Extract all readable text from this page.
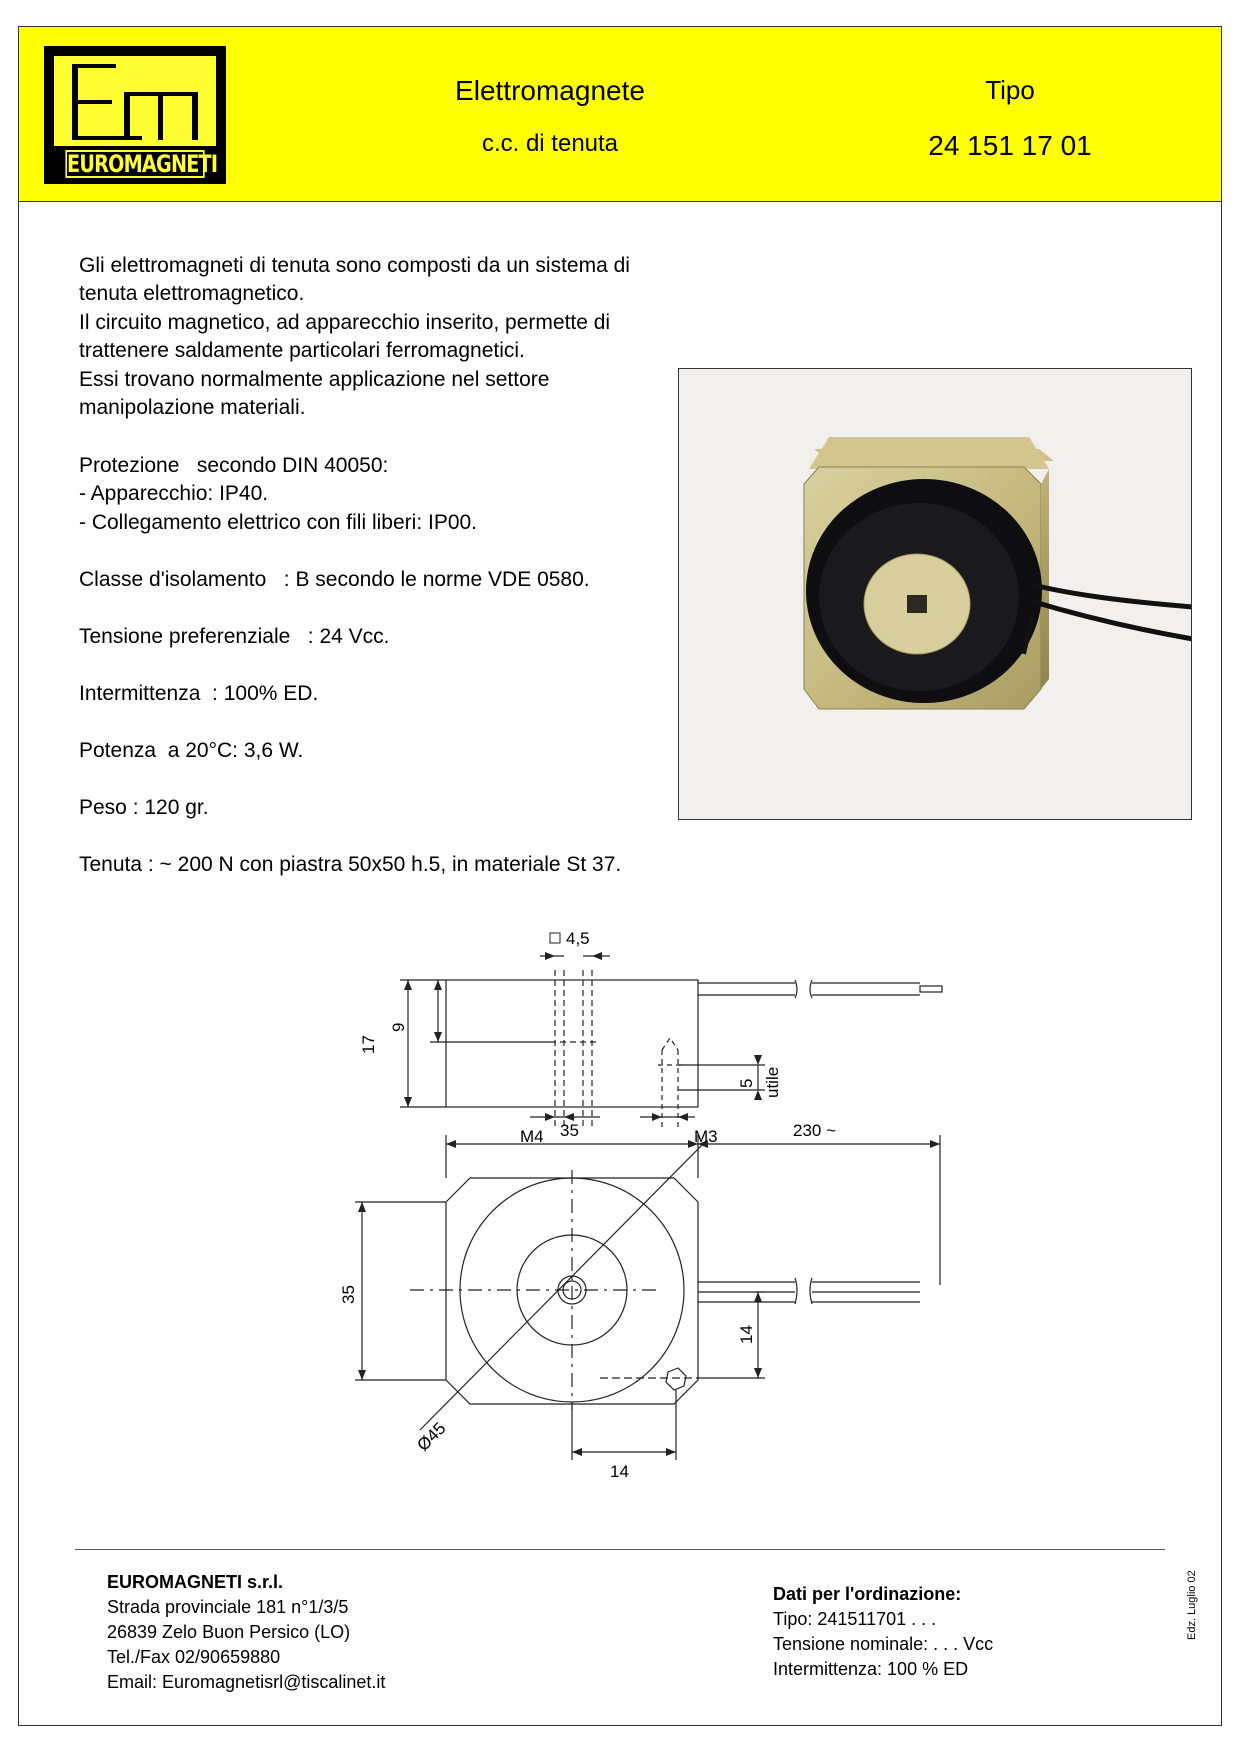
EUROMAGNETI
Elettromagnete
c.c. di tenuta
Tipo
24 151 17 01
Gli elettromagneti di tenuta sono composti da un sistema di
tenuta elettromagnetico.
Il circuito magnetico, ad apparecchio inserito, permette di
trattenere saldamente particolari ferromagnetici.
Essi trovano normalmente applicazione nel settore
manipolazione materiali.
Protezione   secondo DIN 40050:
- Apparecchio: IP40.
- Collegamento elettrico con fili liberi: IP00.
Classe d'isolamento   : B secondo le norme VDE 0580.
Tensione preferenziale   : 24 Vcc.
Intermittenza  : 100% ED.
Potenza  a 20°C: 3,6 W.
Peso : 120 gr.
Tenuta : ~ 200 N con piastra 50x50 h.5, in materiale St 37.
4,5
9
17
5 utile
M4	M3
35	230 ~
35
14
14
Ø45
EUROMAGNETI s.r.l.
Strada provinciale 181 n°1/3/5
26839 Zelo Buon Persico (LO)
Tel./Fax 02/90659880
Email: Euromagnetisrl@tiscalinet.it
Dati per l'ordinazione:
Tipo: 241511701 . . .
Tensione nominale: . . . Vcc
Intermittenza: 100 % ED
Edz. Luglio 02
